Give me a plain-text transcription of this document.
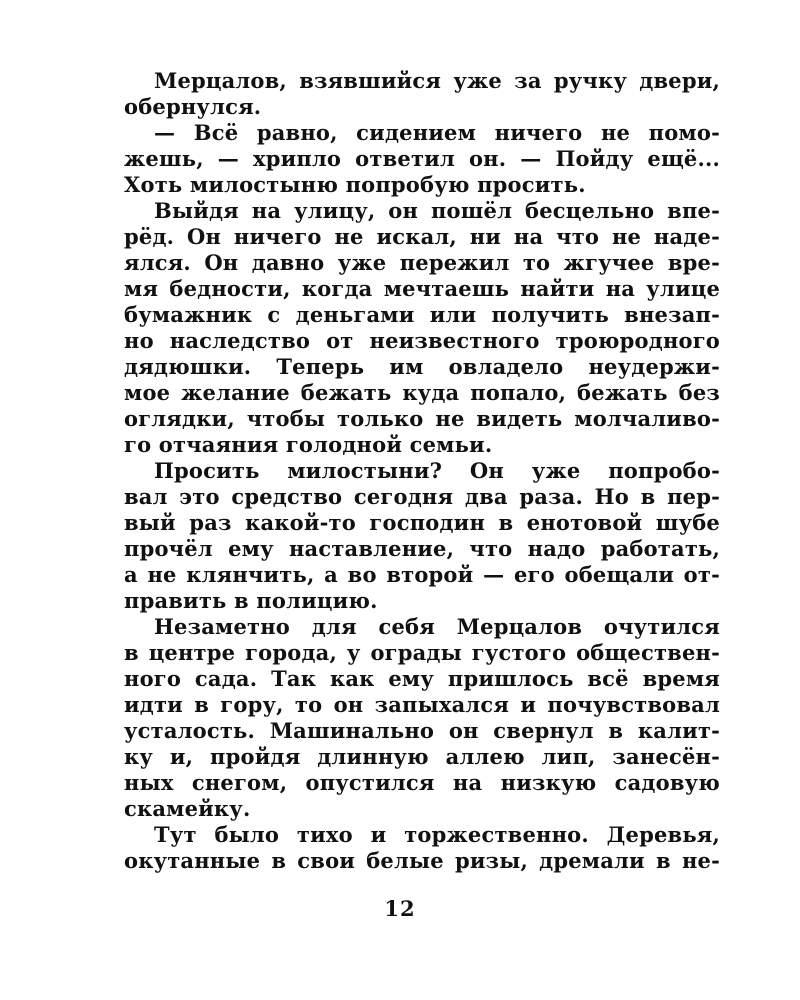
Мерцалов, взявшийся уже за ручку двери,
обернулся.
— Всё равно, сидением ничего не помо-
жешь, — хрипло ответил он. — Пойду ещё...
Хоть милостыню попробую просить.
Выйдя на улицу, он пошёл бесцельно впе-
рёд. Он ничего не искал, ни на что не наде-
ялся. Он давно уже пережил то жгучее вре-
мя бедности, когда мечтаешь найти на улице
бумажник с деньгами или получить внезап-
но наследство от неизвестного троюродного
дядюшки. Теперь им овладело неудержи-
мое желание бежать куда попало, бежать без
оглядки, чтобы только не видеть молчаливо-
го отчаяния голодной семьи.
Просить милостыни? Он уже попробо-
вал это средство сегодня два раза. Но в пер-
вый раз какой-то господин в енотовой шубе
прочёл ему наставление, что надо работать,
а не клянчить, а во второй — его обещали от-
править в полицию.
Незаметно для себя Мерцалов очутился
в центре города, у ограды густого обществен-
ного сада. Так как ему пришлось всё время
идти в гору, то он запыхался и почувствовал
усталость. Машинально он свернул в калит-
ку и, пройдя длинную аллею лип, занесён-
ных снегом, опустился на низкую садовую
скамейку.
Тут было тихо и торжественно. Деревья,
окутанные в свои белые ризы, дремали в не-
12
